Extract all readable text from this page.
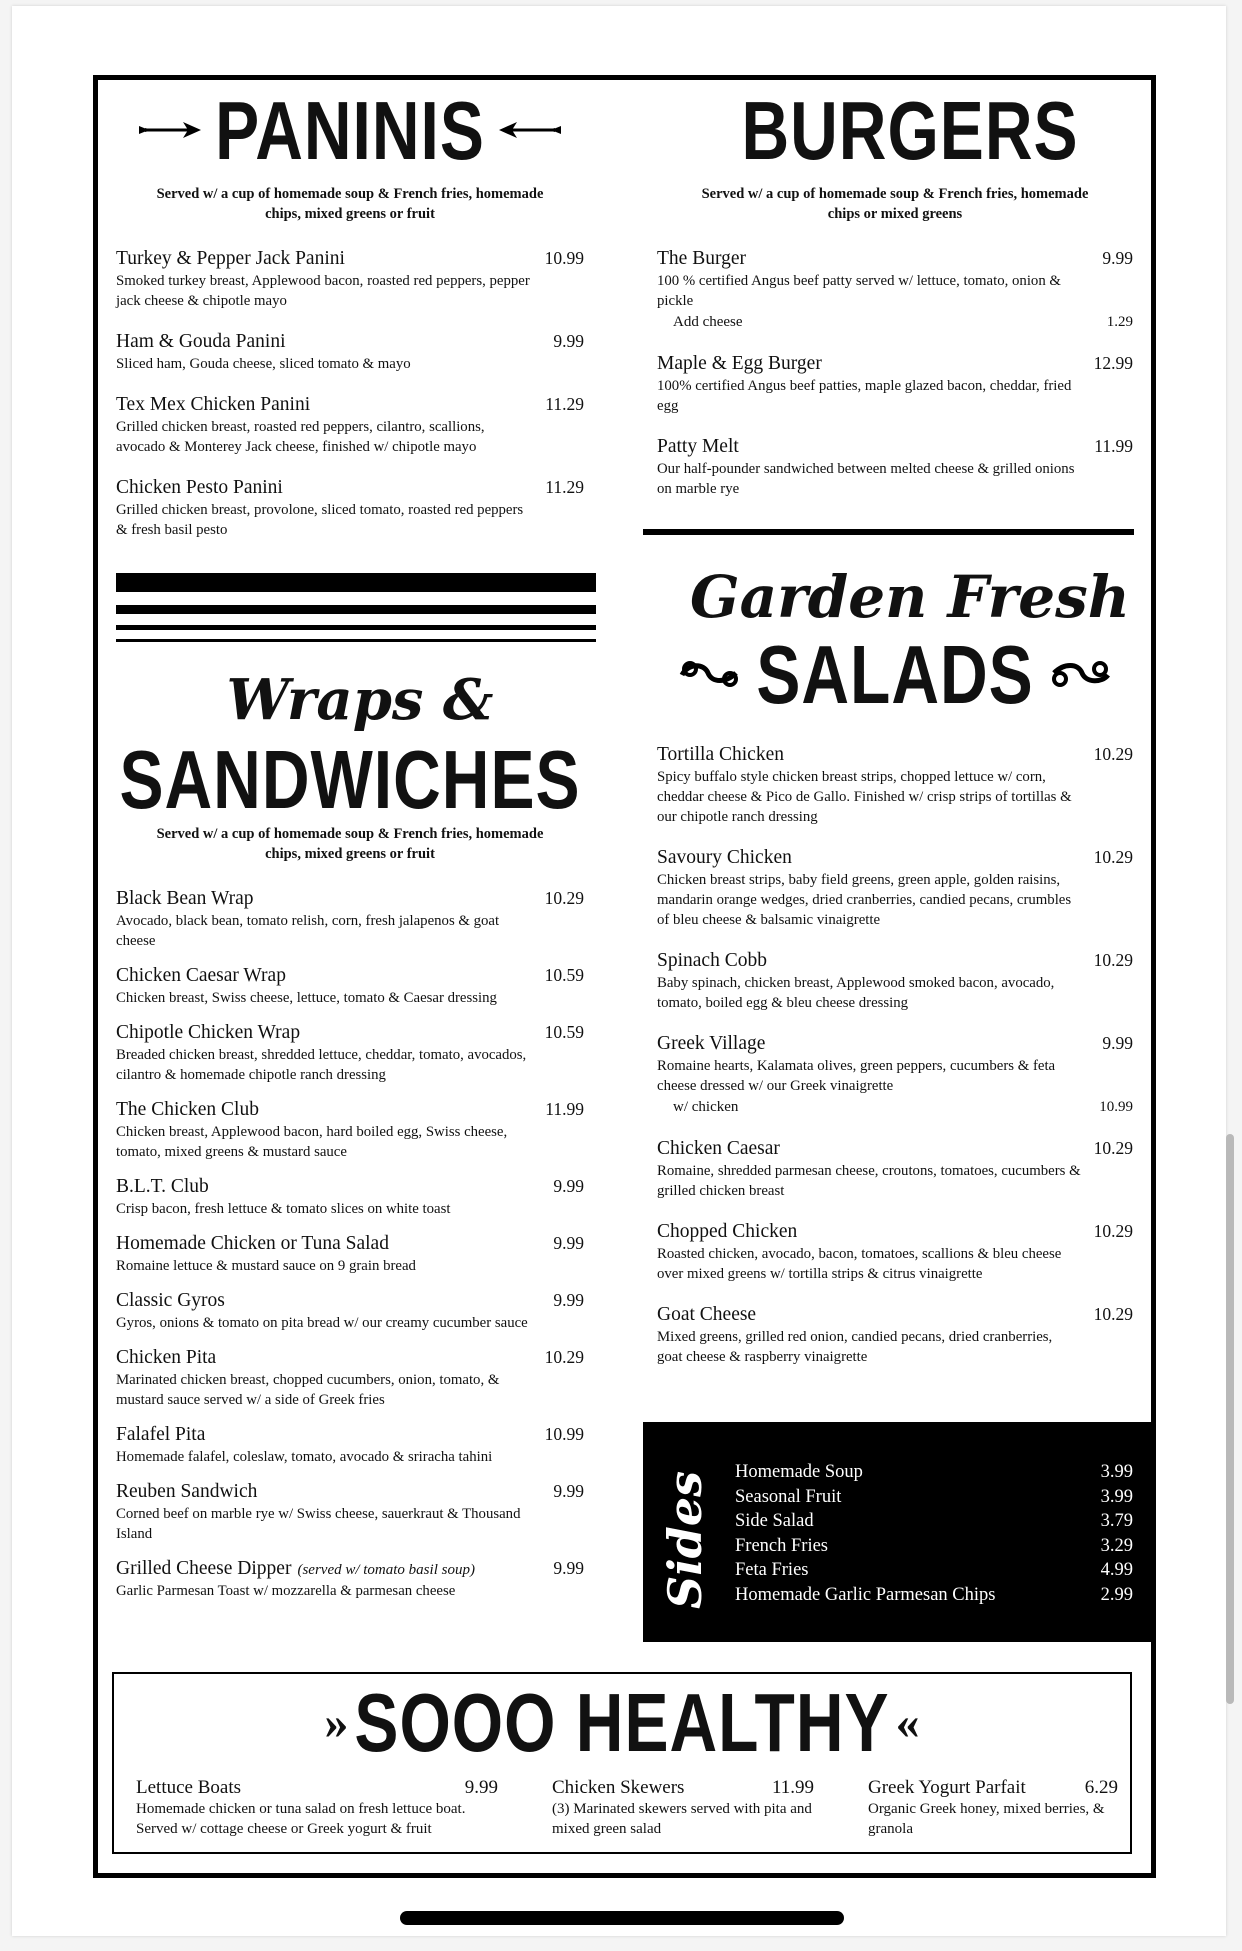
PANINIS
Served w/ a cup of homemade soup & French fries, homemade chips, mixed greens or fruit
Turkey & Pepper Jack Panini	10.99
Smoked turkey breast, Applewood bacon, roasted red peppers, pepper jack cheese & chipotle mayo
Ham & Gouda Panini	9.99
Sliced ham, Gouda cheese, sliced tomato & mayo
Tex Mex Chicken Panini	11.29
Grilled chicken breast, roasted red peppers, cilantro, scallions, avocado & Monterey Jack cheese, finished w/ chipotle mayo
Chicken Pesto Panini	11.29
Grilled chicken breast, provolone, sliced tomato, roasted red peppers & fresh basil pesto
BURGERS
Served w/ a cup of homemade soup & French fries, homemade chips or mixed greens
The Burger	9.99
100 % certified Angus beef patty served w/ lettuce, tomato, onion & pickle
Add cheese	1.29
Maple & Egg Burger	12.99
100% certified Angus beef patties, maple glazed bacon, cheddar, fried egg
Patty Melt	11.99
Our half-pounder sandwiched between melted cheese & grilled onions on marble rye
Wraps &
SANDWICHES
Served w/ a cup of homemade soup & French fries, homemade chips, mixed greens or fruit
Black Bean Wrap	10.29
Avocado, black bean, tomato relish, corn, fresh jalapenos & goat cheese
Chicken Caesar Wrap	10.59
Chicken breast, Swiss cheese, lettuce, tomato & Caesar dressing
Chipotle Chicken Wrap	10.59
Breaded chicken breast, shredded lettuce, cheddar, tomato, avocados, cilantro & homemade chipotle ranch dressing
The Chicken Club	11.99
Chicken breast, Applewood bacon, hard boiled egg, Swiss cheese, tomato, mixed greens & mustard sauce
B.L.T. Club	9.99
Crisp bacon, fresh lettuce & tomato slices on white toast
Homemade Chicken or Tuna Salad	9.99
Romaine lettuce & mustard sauce on 9 grain bread
Classic Gyros	9.99
Gyros, onions & tomato on pita bread w/ our creamy cucumber sauce
Chicken Pita	10.29
Marinated chicken breast, chopped cucumbers, onion, tomato, & mustard sauce served w/ a side of Greek fries
Falafel Pita	10.99
Homemade falafel, coleslaw, tomato, avocado & sriracha tahini
Reuben Sandwich	9.99
Corned beef on marble rye w/ Swiss cheese, sauerkraut & Thousand Island
Grilled Cheese Dipper (served w/ tomato basil soup)	9.99
Garlic Parmesan Toast w/ mozzarella & parmesan cheese
Garden Fresh
SALADS
Tortilla Chicken	10.29
Spicy buffalo style chicken breast strips, chopped lettuce w/ corn, cheddar cheese & Pico de Gallo. Finished w/ crisp strips of tortillas & our chipotle ranch dressing
Savoury Chicken	10.29
Chicken breast strips, baby field greens, green apple, golden raisins, mandarin orange wedges, dried cranberries, candied pecans, crumbles of bleu cheese & balsamic vinaigrette
Spinach Cobb	10.29
Baby spinach, chicken breast, Applewood smoked bacon, avocado, tomato, boiled egg & bleu cheese dressing
Greek Village	9.99
Romaine hearts, Kalamata olives, green peppers, cucumbers & feta cheese dressed w/ our Greek vinaigrette
w/ chicken	10.99
Chicken Caesar	10.29
Romaine, shredded parmesan cheese, croutons, tomatoes, cucumbers & grilled chicken breast
Chopped Chicken	10.29
Roasted chicken, avocado, bacon, tomatoes, scallions & bleu cheese over mixed greens w/ tortilla strips & citrus vinaigrette
Goat Cheese	10.29
Mixed greens, grilled red onion, candied pecans, dried cranberries, goat cheese & raspberry vinaigrette
Sides Homemade Soup	3.99
Seasonal Fruit	3.99
Side Salad	3.79
French Fries	3.29
Feta Fries	4.99
Homemade Garlic Parmesan Chips	2.99
» SOOO HEALTHY «
Lettuce Boats	9.99
Homemade chicken or tuna salad on fresh lettuce boat. Served w/ cottage cheese or Greek yogurt & fruit
Chicken Skewers	11.99
(3) Marinated skewers served with pita and mixed green salad
Greek Yogurt Parfait	6.29
Organic Greek honey, mixed berries, & granola
